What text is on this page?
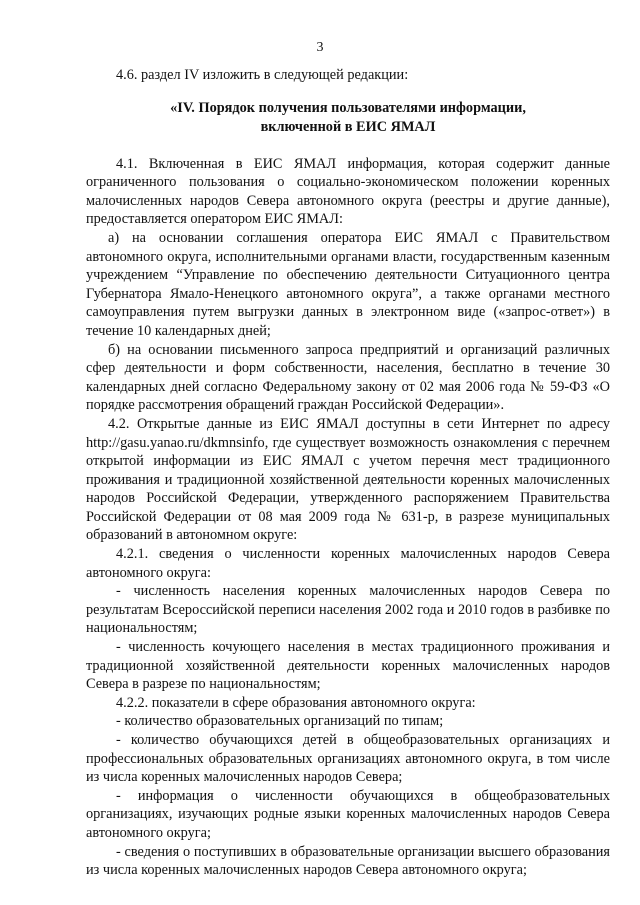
3

4.6. раздел IV изложить в следующей редакции:

«IV. Порядок получения пользователями информации,
включенной в ЕИС ЯМАЛ

4.1. Включенная в ЕИС ЯМАЛ информация, которая содержит данные ограниченного пользования о социально-экономическом положении коренных малочисленных народов Севера автономного округа (реестры и другие данные), предоставляется оператором ЕИС ЯМАЛ:

а) на основании соглашения оператора ЕИС ЯМАЛ с Правительством автономного округа, исполнительными органами власти, государственным казенным учреждением “Управление по обеспечению деятельности Ситуационного центра Губернатора Ямало-Ненецкого автономного округа”, а также органами местного самоуправления путем выгрузки данных в электронном виде («запрос-ответ») в течение 10 календарных дней;

б) на основании письменного запроса предприятий и организаций различных сфер деятельности и форм собственности, населения, бесплатно в течение 30 календарных дней согласно Федеральному закону от 02 мая 2006 года № 59-ФЗ «О порядке рассмотрения обращений граждан Российской Федерации».

4.2. Открытые данные из ЕИС ЯМАЛ доступны в сети Интернет по адресу http://gasu.yanao.ru/dkmnsinfo, где существует возможность ознакомления с перечнем открытой информации из ЕИС ЯМАЛ с учетом перечня мест традиционного проживания и традиционной хозяйственной деятельности коренных малочисленных народов Российской Федерации, утвержденного распоряжением Правительства Российской Федерации от 08 мая 2009 года № 631-р, в разрезе муниципальных образований в автономном округе:

4.2.1. сведения о численности коренных малочисленных народов Севера автономного округа:

- численность населения коренных малочисленных народов Севера по результатам Всероссийской переписи населения 2002 года и 2010 годов в разбивке по национальностям;

- численность кочующего населения в местах традиционного проживания и традиционной хозяйственной деятельности коренных малочисленных народов Севера в разрезе по национальностям;

4.2.2. показатели в сфере образования автономного округа:

- количество образовательных организаций по типам;

- количество обучающихся детей в общеобразовательных организациях и профессиональных образовательных организациях автономного округа, в том числе из числа коренных малочисленных народов Севера;

- информация о численности обучающихся в общеобразовательных организациях, изучающих родные языки коренных малочисленных народов Севера автономного округа;

- сведения о поступивших в образовательные организации высшего образования из числа коренных малочисленных народов Севера автономного округа;
